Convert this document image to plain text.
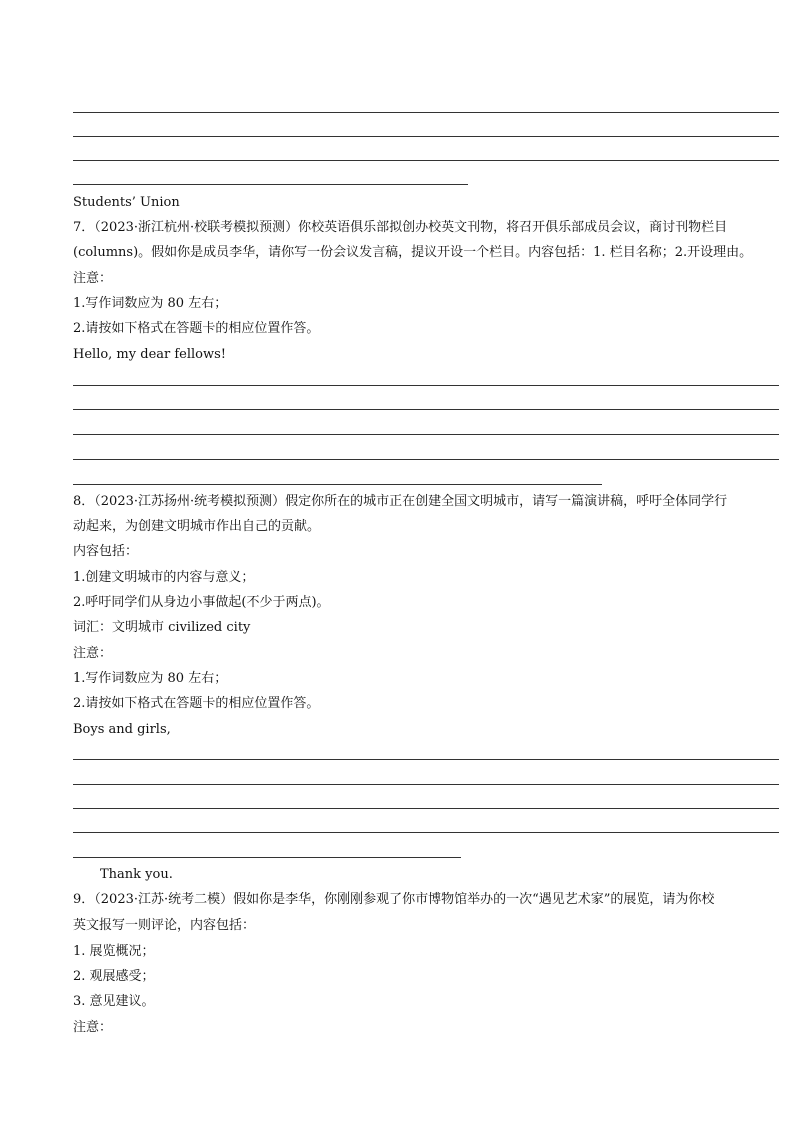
Students’ Union
7．（2023·浙江杭州·校联考模拟预测）你校英语俱乐部拟创办校英文刊物，将召开俱乐部成员会议，商讨刊物栏目
(columns)。假如你是成员李华，请你写一份会议发言稿，提议开设一个栏目。内容包括：1. 栏目名称；2.开设理由。
注意：
1.写作词数应为 80 左右；
2.请按如下格式在答题卡的相应位置作答。
Hello, my dear fellows!
8．（2023·江苏扬州·统考模拟预测）假定你所在的城市正在创建全国文明城市，请写一篇演讲稿，呼吁全体同学行
动起来，为创建文明城市作出自己的贡献。
内容包括：
1.创建文明城市的内容与意义；
2.呼吁同学们从身边小事做起(不少于两点)。
词汇：文明城市 civilized city
注意：
1.写作词数应为 80 左右；
2.请按如下格式在答题卡的相应位置作答。
Boys and girls,
Thank you.
9．（2023·江苏·统考二模）假如你是李华，你刚刚参观了你市博物馆举办的一次“遇见艺术家”的展览，请为你校
英文报写一则评论，内容包括：
1. 展览概况；
2. 观展感受；
3. 意见建议。
注意：
